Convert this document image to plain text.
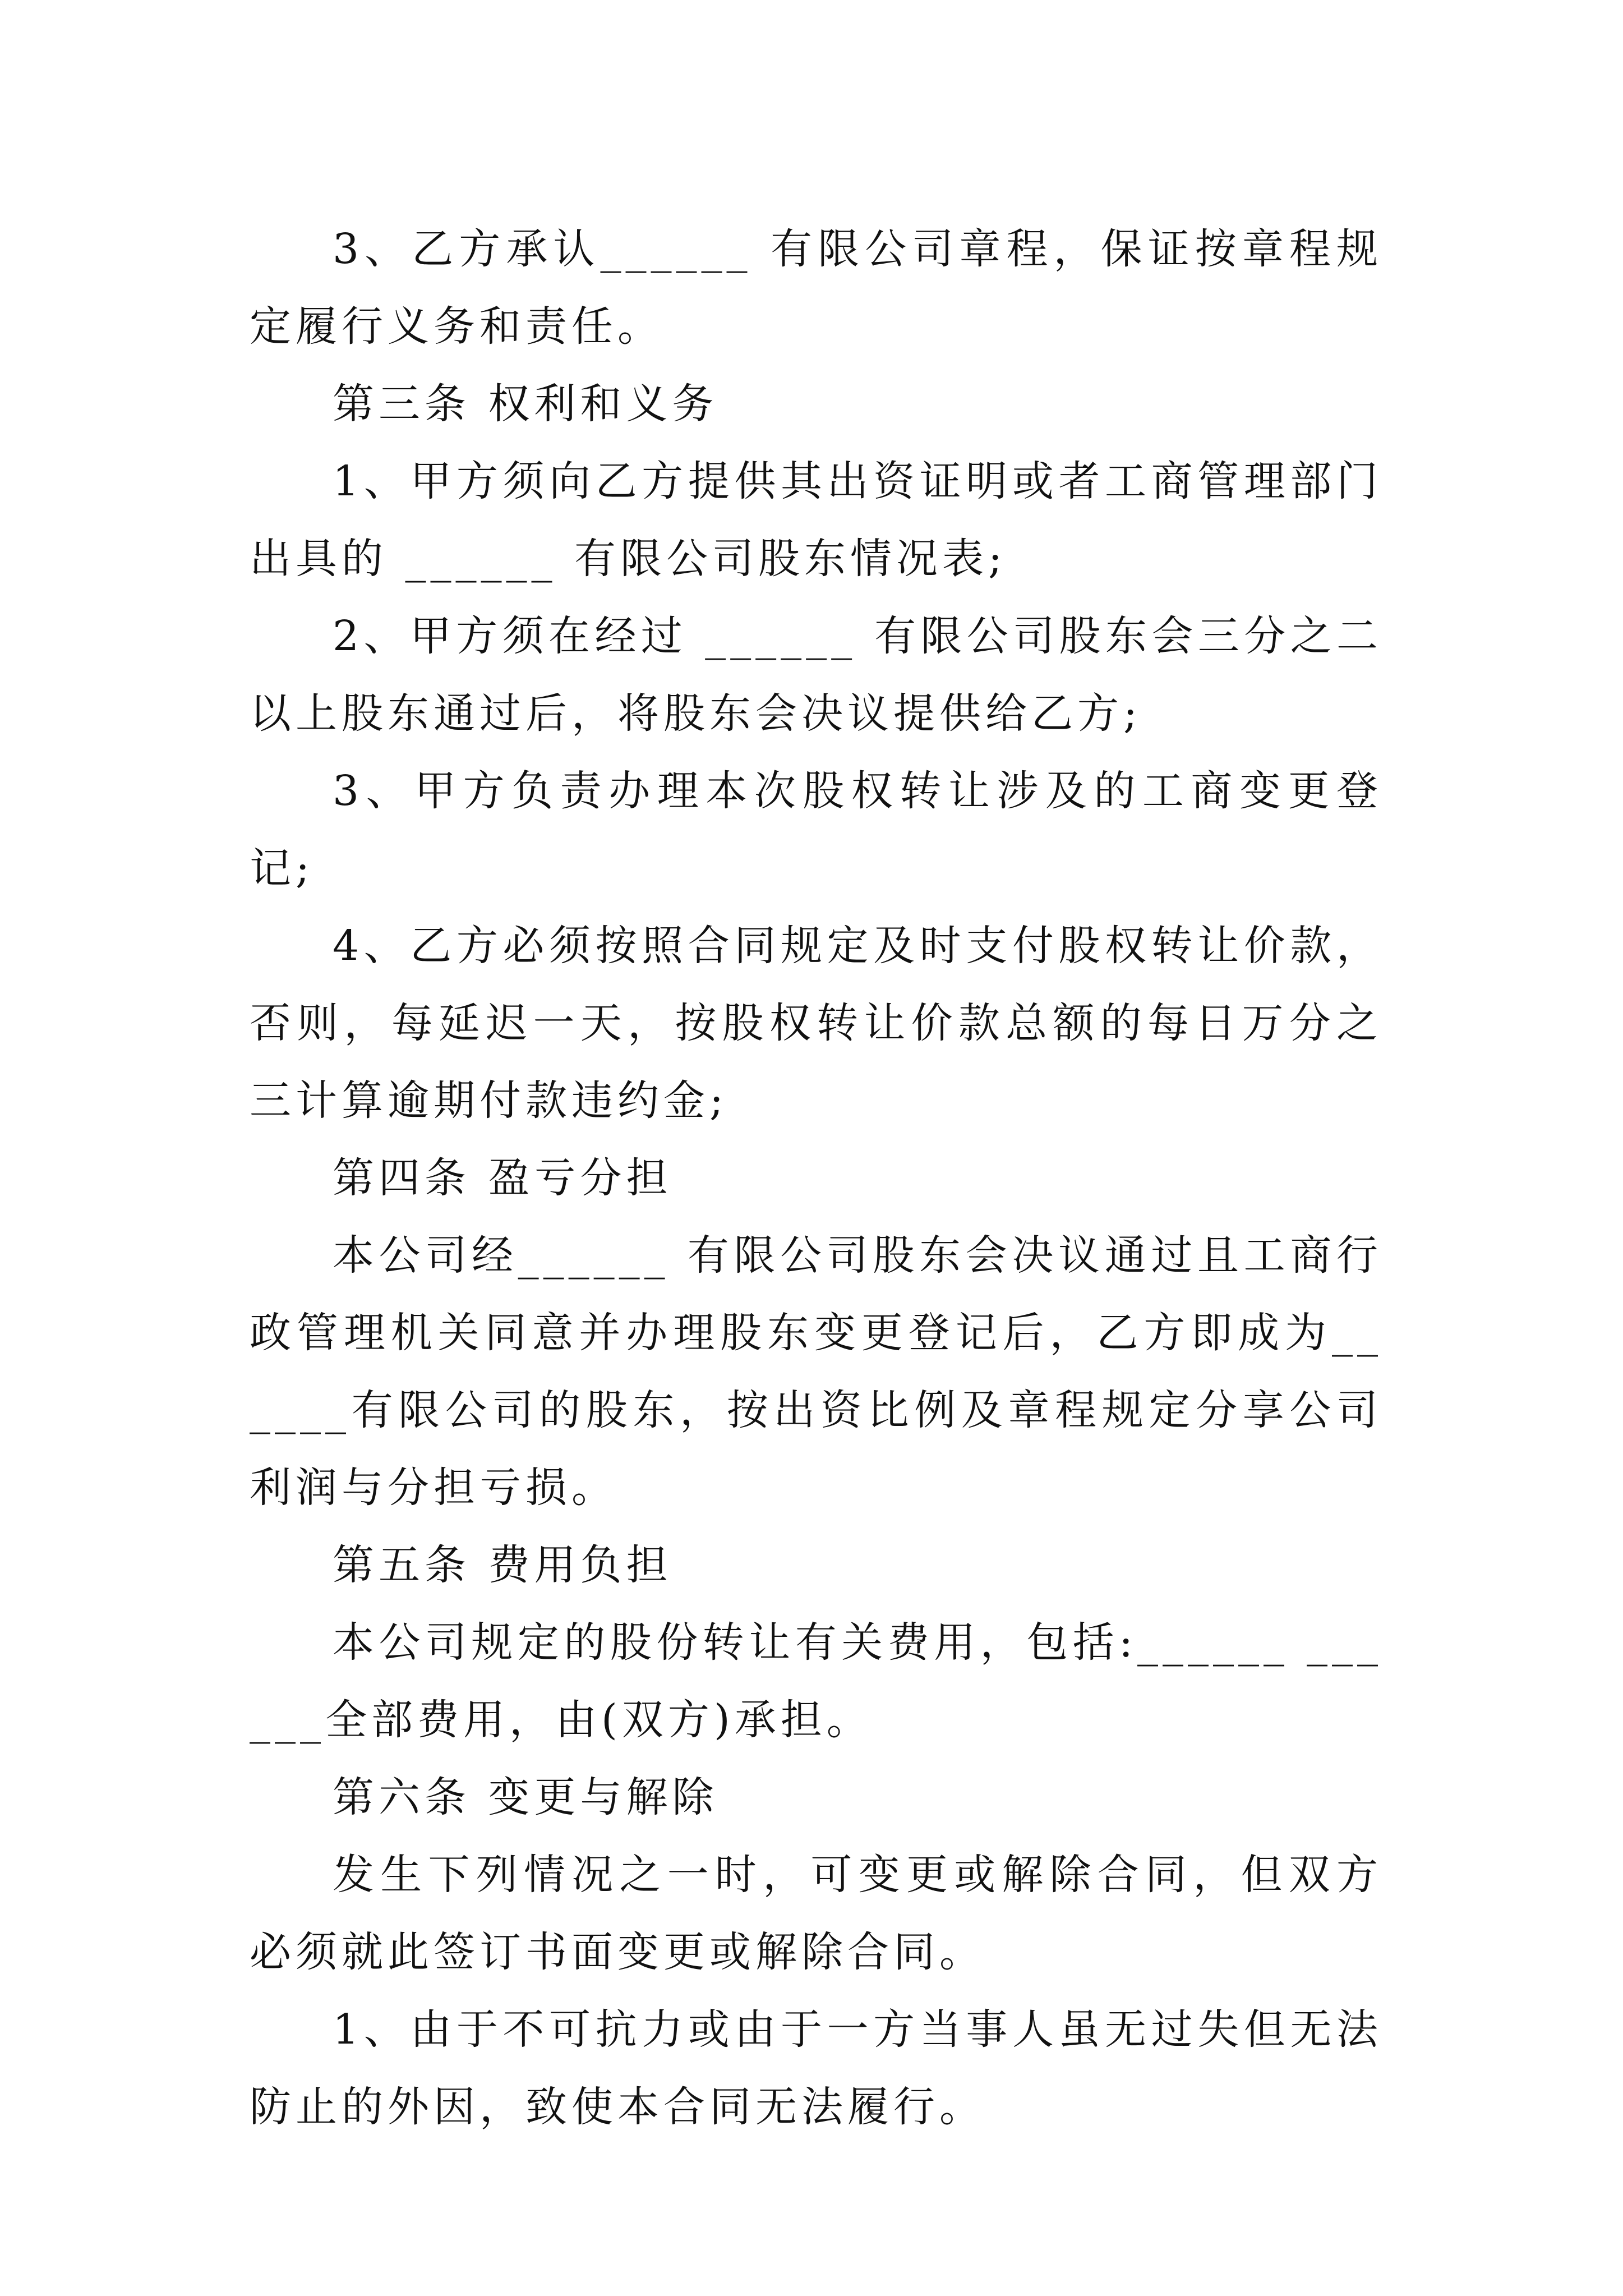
3、乙方承认______ 有限公司章程，保证按章程规定履行义务和责任。

第三条 权利和义务

1、甲方须向乙方提供其出资证明或者工商管理部门出具的 ______ 有限公司股东情况表;

2、甲方须在经过 ______ 有限公司股东会三分之二以上股东通过后，将股东会决议提供给乙方;

3、甲方负责办理本次股权转让涉及的工商变更登记;

4、乙方必须按照合同规定及时支付股权转让价款，否则，每延迟一天，按股权转让价款总额的每日万分之三计算逾期付款违约金;

第四条 盈亏分担

本公司经______ 有限公司股东会决议通过且工商行政管理机关同意并办理股东变更登记后，乙方即成为______有限公司的股东，按出资比例及章程规定分享公司利润与分担亏损。

第五条 费用负担

本公司规定的股份转让有关费用，包括:______ ______全部费用，由(双方)承担。

第六条 变更与解除

发生下列情况之一时，可变更或解除合同，但双方必须就此签订书面变更或解除合同。

1、由于不可抗力或由于一方当事人虽无过失但无法防止的外因，致使本合同无法履行。
